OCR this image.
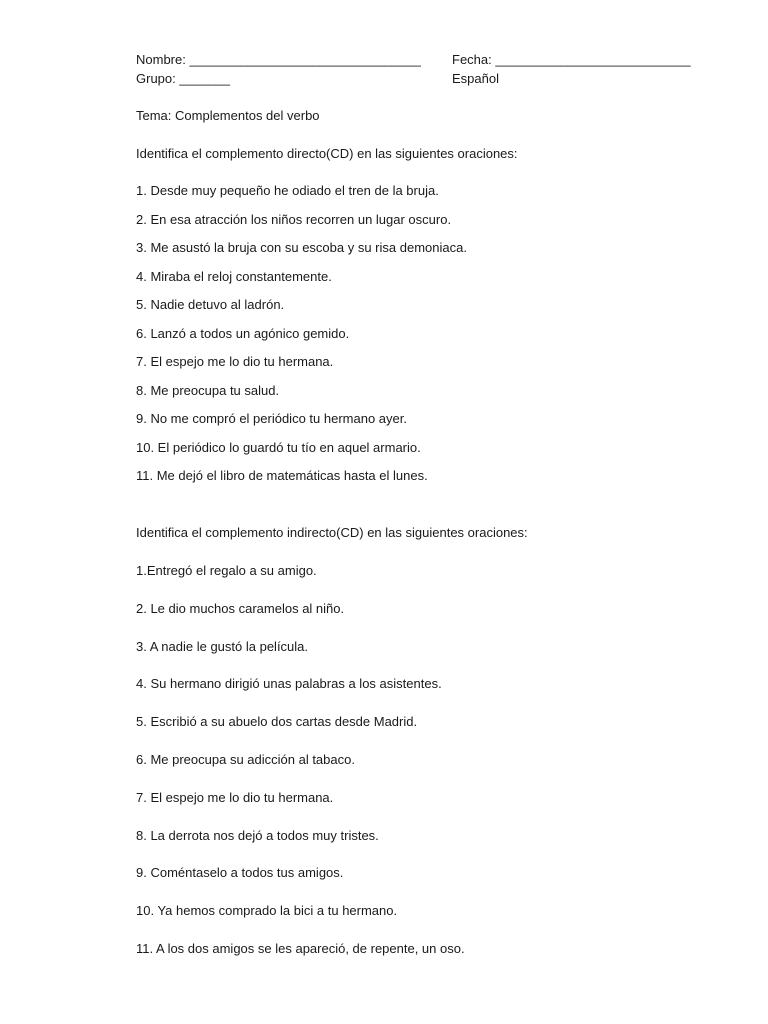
Nombre: ________________________________ Fecha: ___________________________
Grupo: _______	Español
Tema: Complementos del verbo
Identifica el complemento directo(CD) en las siguientes oraciones:
1. Desde muy pequeño he odiado el tren de la bruja.
2. En esa atracción los niños recorren un lugar oscuro.
3. Me asustó la bruja con su escoba y su risa demoniaca.
4. Miraba el reloj constantemente.
5. Nadie detuvo al ladrón.
6. Lanzó a todos un agónico gemido.
7. El espejo me lo dio tu hermana.
8. Me preocupa tu salud.
9. No me compró el periódico tu hermano ayer.
10. El periódico lo guardó tu tío en aquel armario.
11. Me dejó el libro de matemáticas hasta el lunes.
Identifica el complemento indirecto(CD) en las siguientes oraciones:
1.Entregó el regalo a su amigo.
2. Le dio muchos caramelos al niño.
3. A nadie le gustó la película.
4. Su hermano dirigió unas palabras a los asistentes.
5. Escribió a su abuelo dos cartas desde Madrid.
6. Me preocupa su adicción al tabaco.
7. El espejo me lo dio tu hermana.
8. La derrota nos dejó a todos muy tristes.
9. Coméntaselo a todos tus amigos.
10. Ya hemos comprado la bici a tu hermano.
11. A los dos amigos se les apareció, de repente, un oso.
